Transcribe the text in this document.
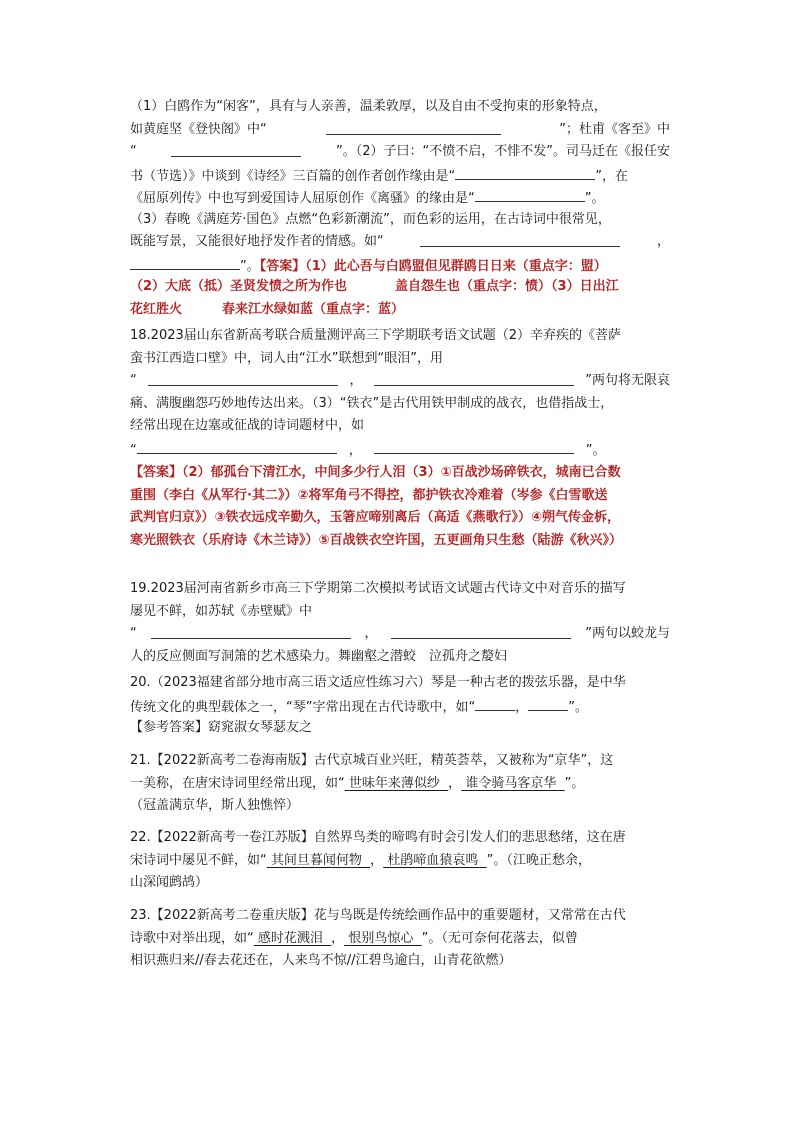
（1）白鸥作为“闲客”，具有与人亲善，温柔敦厚，以及自由不受拘束的形象特点，
如黄庭坚《登快阁》中“	”；杜甫《客至》中
“	”。（2）子曰：“不愤不启，不悱不发”。司马迁在《报任安
书（节选）》中谈到《诗经》三百篇的创作者创作缘由是“	”，在
《屈原列传》中也写到爱国诗人屈原创作《离骚》的缘由是“	”。
（3）春晚《满庭芳·国色》点燃“色彩新潮流”，而色彩的运用，在古诗词中很常见，
既能写景，又能很好地抒发作者的情感。如“	，
”。【答案】（1）此心吾与白鸥盟但见群鸥日日来（重点字：盟）
（2）大底（抵）圣贤发愤之所为作也	盖自怨生也（重点字：愤）（3）日出江
花红胜火	春来江水绿如蓝（重点字：蓝）
18.2023届山东省新高考联合质量测评高三下学期联考语文试题（2）辛弃疾的《菩萨
蛮书江西造口壁》中，词人由“江水”联想到“眼泪”，用
“	，	”两句将无限哀
痛、满腹幽怨巧妙地传达出来。（3）“铁衣”是古代用铁甲制成的战衣，也借指战士，
经常出现在边塞或征战的诗词题材中，如
“	，	”。
【答案】（2）郁孤台下清江水，中间多少行人泪（3）①百战沙场碎铁衣，城南已合数
重围（李白《从军行·其二》）②将军角弓不得控，都护铁衣冷难着（岑参《白雪歌送
武判官归京》）③铁衣远戍辛勤久，玉箸应啼别离后（高适《燕歌行》）④朔气传金柝，
寒光照铁衣（乐府诗《木兰诗》）⑤百战铁衣空许国，五更画角只生愁（陆游《秋兴》）
19.2023届河南省新乡市高三下学期第二次模拟考试语文试题古代诗文中对音乐的描写
屡见不鲜，如苏轼《赤壁赋》中
“	，	”两句以蛟龙与
人的反应侧面写洞箫的艺术感染力。舞幽壑之潜蛟　泣孤舟之嫠妇
20.（2023福建省部分地市高三语文适应性练习六）琴是一种古老的拨弦乐器，是中华
传统文化的典型载体之一，“琴”字常出现在古代诗歌中，如“	，	”。
【参考答案】窈窕淑女琴瑟友之
21.【2022新高考二卷海南版】古代京城百业兴旺，精英荟萃，又被称为“京华”，这
一美称，在唐宋诗词里经常出现，如“ 世味年来薄似纱 ， 谁令骑马客京华 ”。
（冠盖满京华，斯人独憔悴）
22.【2022新高考一卷江苏版】自然界鸟类的啼鸣有时会引发人们的悲思愁绪，这在唐
宋诗词中屡见不鲜，如“ 其间旦暮闻何物 ， 杜鹃啼血猿哀鸣 ”。（江晚正愁余，
山深闻鹧鸪）
23.【2022新高考二卷重庆版】花与鸟既是传统绘画作品中的重要题材，又常常在古代
诗歌中对举出现，如“ 感时花溅泪 ， 恨别鸟惊心 ”。（无可奈何花落去，似曾
相识燕归来//春去花还在，人来鸟不惊//江碧鸟逾白，山青花欲燃）
